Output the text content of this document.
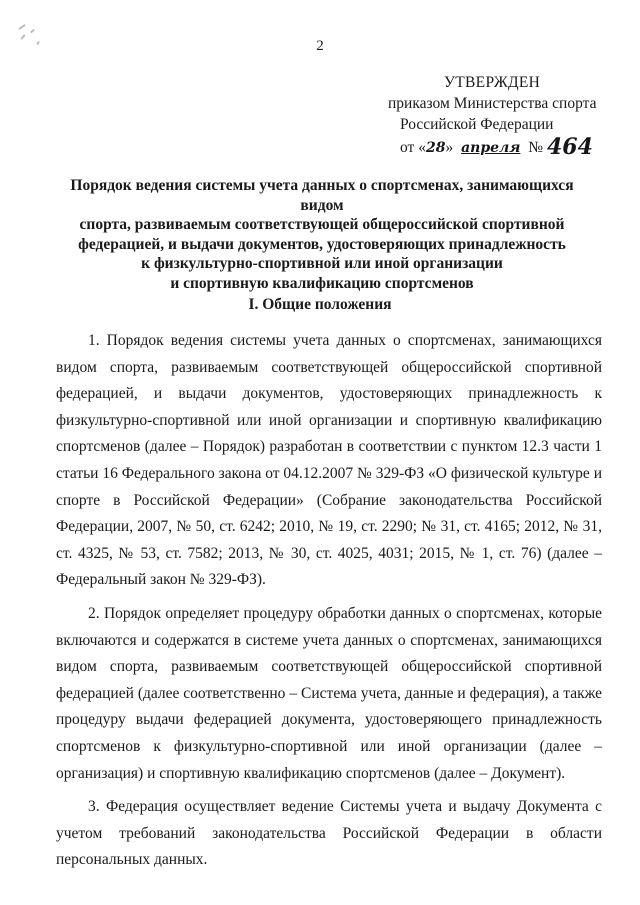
2
УТВЕРЖДЕН
приказом Министерства спорта
Российской Федерации
от «28» апреля № 464
Порядок ведения системы учета данных о спортсменах, занимающихся видом
спорта, развиваемым соответствующей общероссийской спортивной
федерацией, и выдачи документов, удостоверяющих принадлежность
к физкультурно-спортивной или иной организации
и спортивную квалификацию спортсменов
I. Общие положения

1. Порядок ведения системы учета данных о спортсменах, занимающихся видом спорта, развиваемым соответствующей общероссийской спортивной федерацией, и выдачи документов, удостоверяющих принадлежность к физкультурно-спортивной или иной организации и спортивную квалификацию спортсменов (далее – Порядок) разработан в соответствии с пунктом 12.3 части 1 статьи 16 Федерального закона от 04.12.2007 № 329-ФЗ «О физической культуре и спорте в Российской Федерации» (Собрание законодательства Российской Федерации, 2007, № 50, ст. 6242; 2010, № 19, ст. 2290; № 31, ст. 4165; 2012, № 31, ст. 4325, № 53, ст. 7582; 2013, № 30, ст. 4025, 4031; 2015, № 1, ст. 76) (далее – Федеральный закон № 329-ФЗ).

2. Порядок определяет процедуру обработки данных о спортсменах, которые включаются и содержатся в системе учета данных о спортсменах, занимающихся видом спорта, развиваемым соответствующей общероссийской спортивной федерацией (далее соответственно – Система учета, данные и федерация), а также процедуру выдачи федерацией документа, удостоверяющего принадлежность спортсменов к физкультурно-спортивной или иной организации (далее – организация) и спортивную квалификацию спортсменов (далее – Документ).

3. Федерация осуществляет ведение Системы учета и выдачу Документа с учетом требований законодательства Российской Федерации в области персональных данных.
